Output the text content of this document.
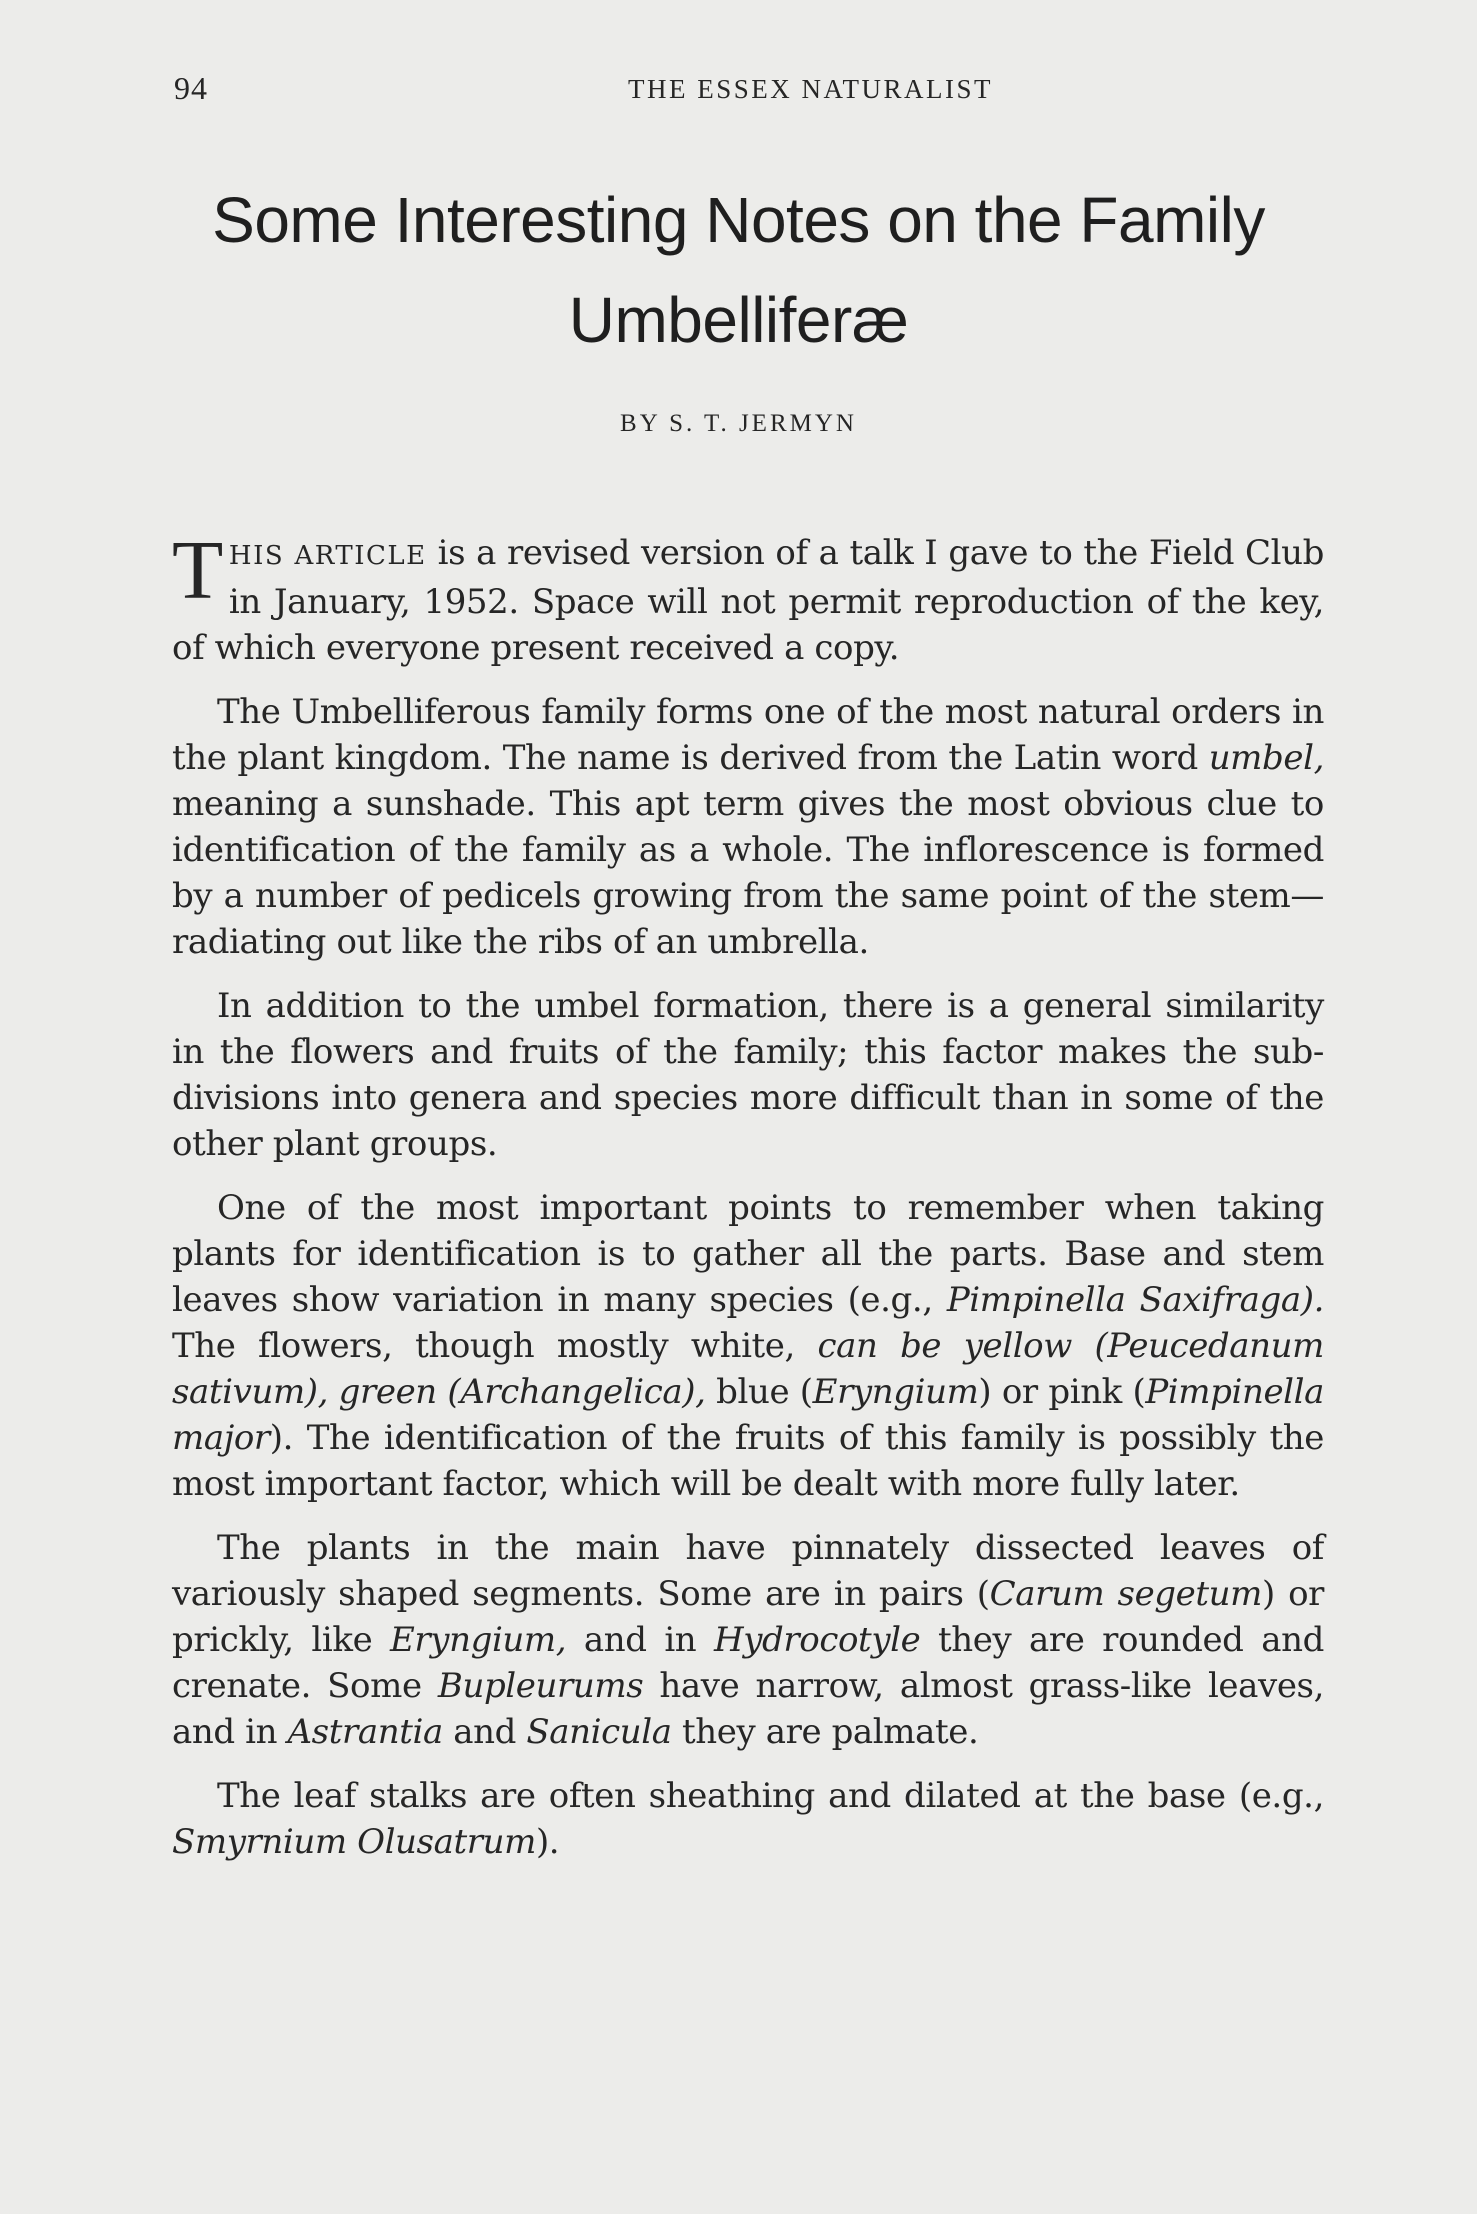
94	THE ESSEX NATURALIST
Some Interesting Notes on the Family
Umbelliferæ
BY S. T. JERMYN

THIS ARTICLE is a revised version of a talk I gave to the Field Club in January, 1952. Space will not permit reproduction of the key, of which everyone present received a copy.

The Umbelliferous family forms one of the most natural orders in the plant kingdom. The name is derived from the Latin word umbel, meaning a sunshade. This apt term gives the most obvious clue to identification of the family as a whole. The inflorescence is formed by a number of pedicels growing from the same point of the stem—radiating out like the ribs of an umbrella.

In addition to the umbel formation, there is a general similarity in the flowers and fruits of the family; this factor makes the sub-divisions into genera and species more difficult than in some of the other plant groups.

One of the most important points to remember when taking plants for identification is to gather all the parts. Base and stem leaves show variation in many species (e.g., Pimpinella Saxifraga). The flowers, though mostly white, can be yellow (Peucedanum sativum), green (Archangelica), blue (Eryngium) or pink (Pimpinella major). The identification of the fruits of this family is possibly the most important factor, which will be dealt with more fully later.

The plants in the main have pinnately dissected leaves of variously shaped segments. Some are in pairs (Carum segetum) or prickly, like Eryngium, and in Hydrocotyle they are rounded and crenate. Some Bupleurums have narrow, almost grass-like leaves, and in Astrantia and Sanicula they are palmate.

The leaf stalks are often sheathing and dilated at the base (e.g., Smyrnium Olusatrum).
